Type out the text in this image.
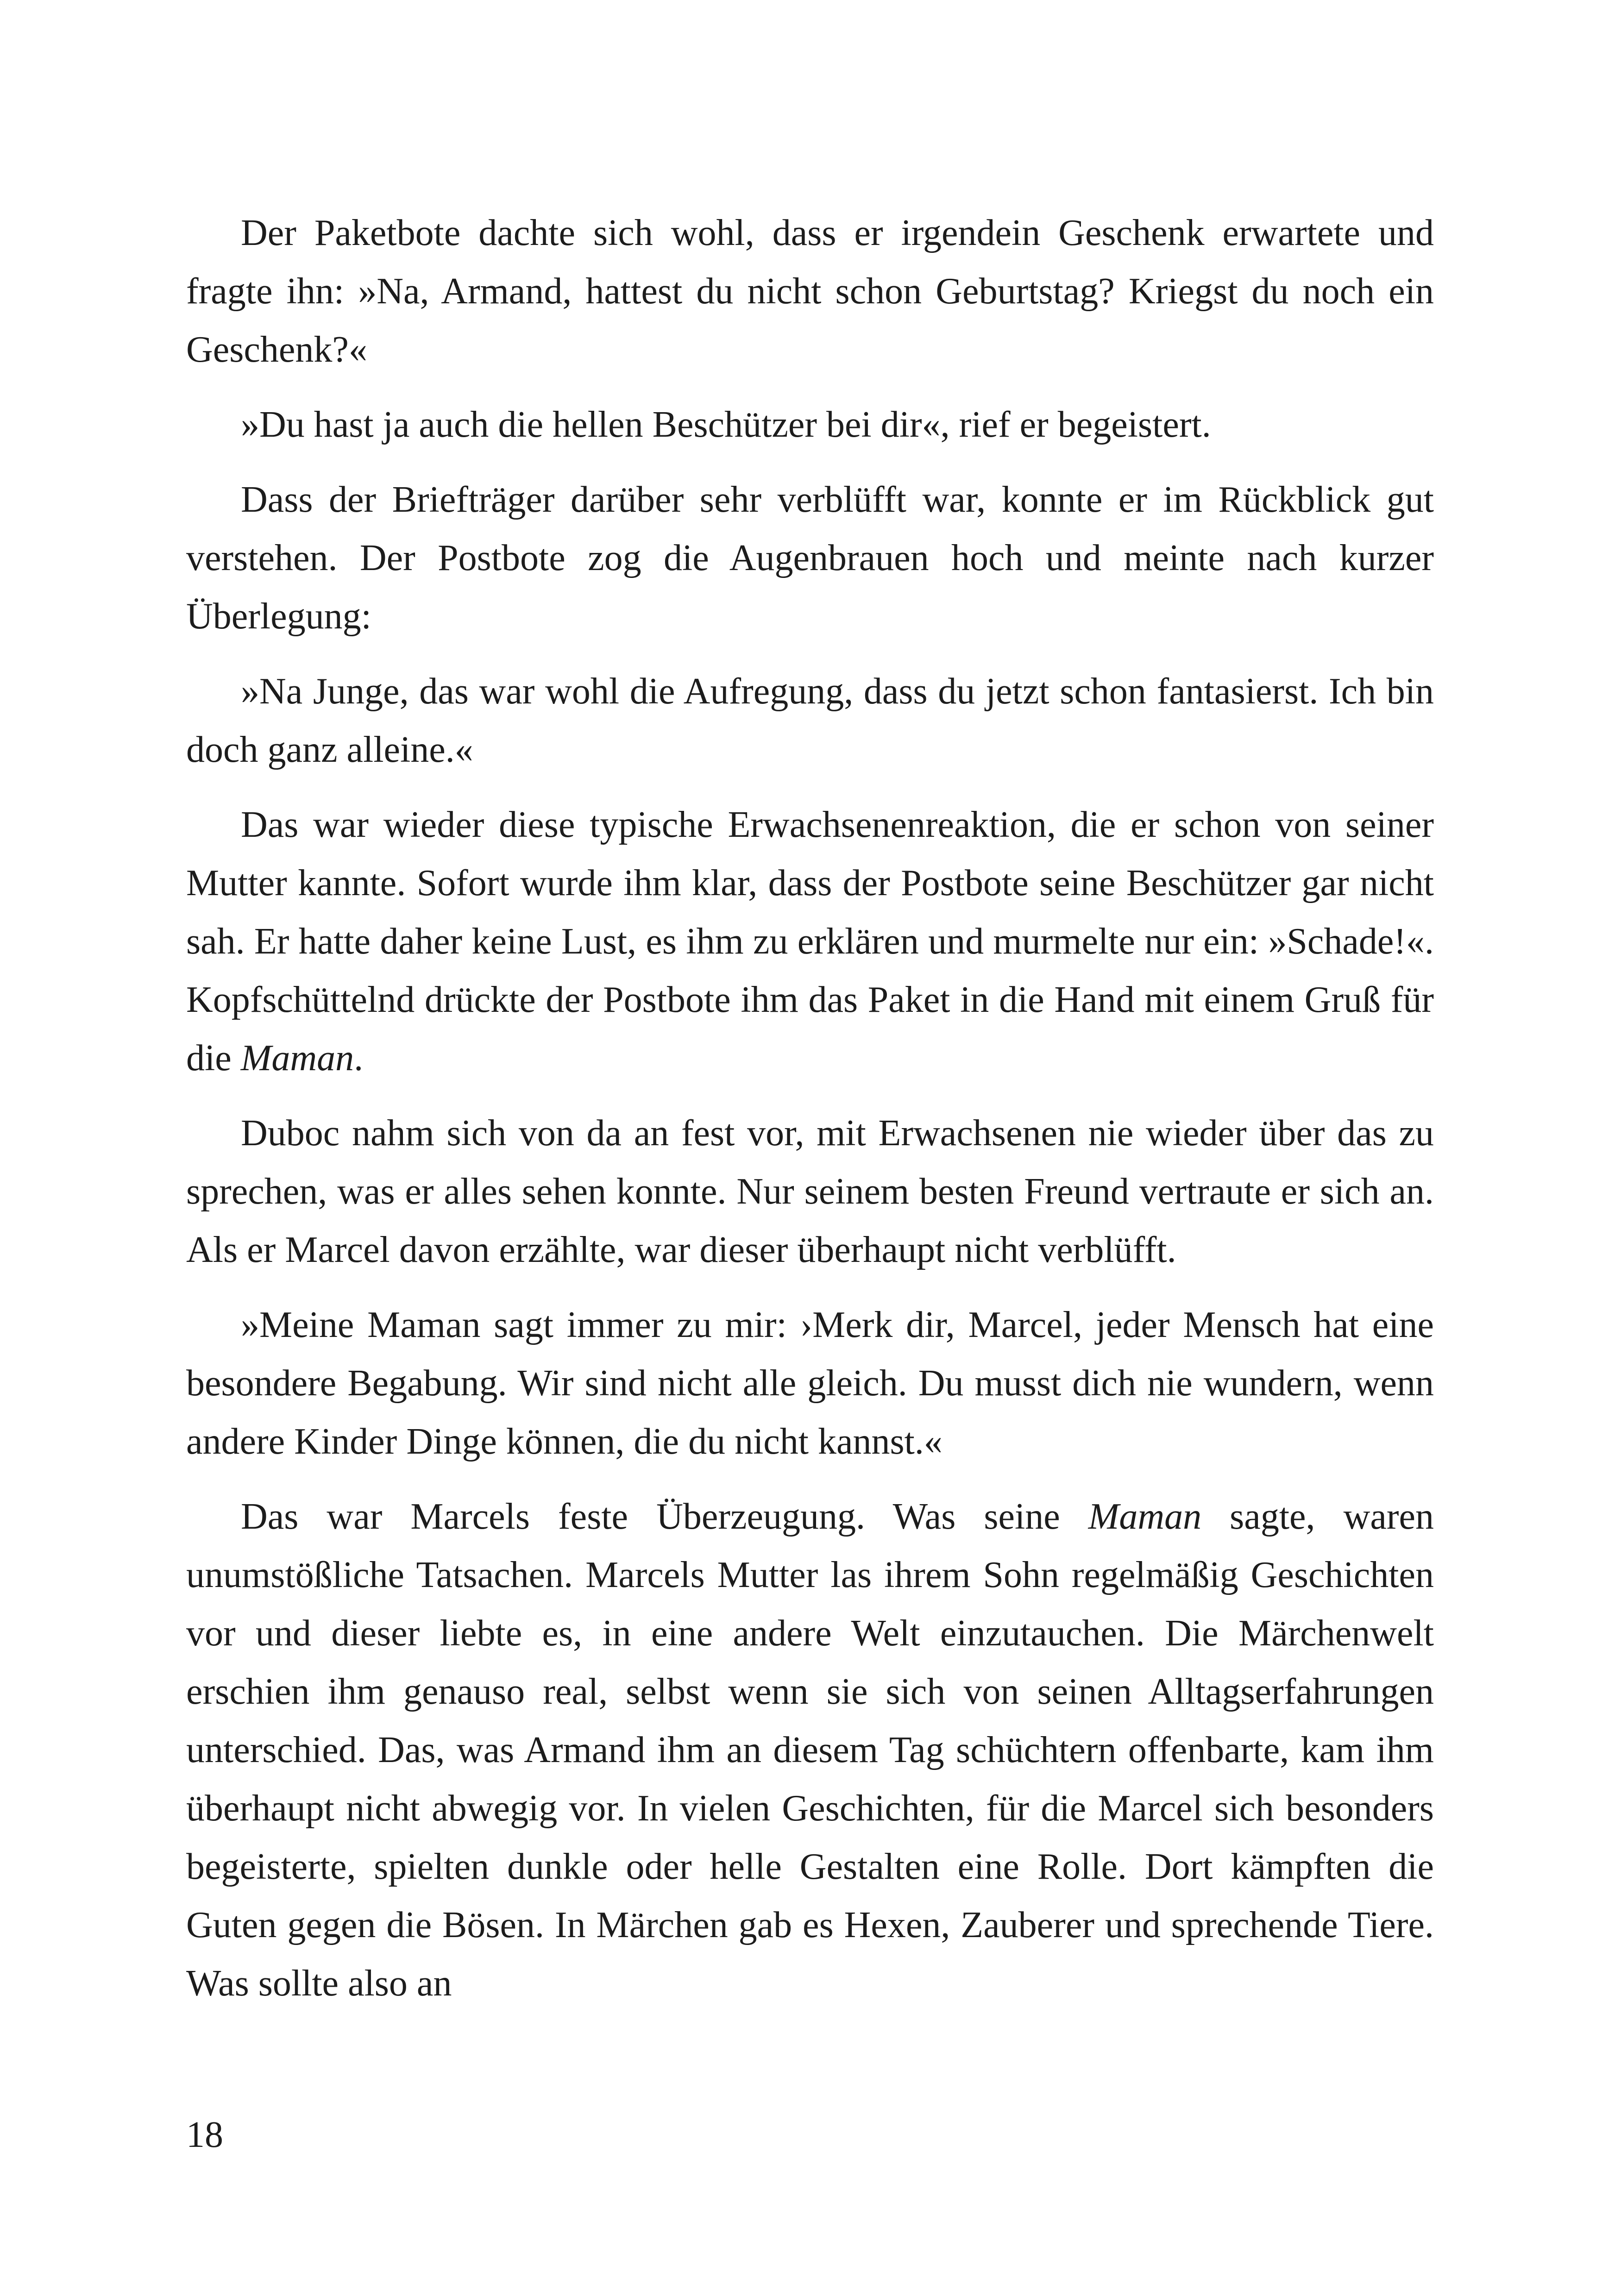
Der Paketbote dachte sich wohl, dass er irgendein Geschenk erwartete und fragte ihn: »Na, Armand, hattest du nicht schon Geburtstag? Kriegst du noch ein Geschenk?«

»Du hast ja auch die hellen Beschützer bei dir«, rief er begeistert.

Dass der Briefträger darüber sehr verblüfft war, konnte er im Rückblick gut verstehen. Der Postbote zog die Augenbrauen hoch und meinte nach kurzer Überlegung:

»Na Junge, das war wohl die Aufregung, dass du jetzt schon fantasierst. Ich bin doch ganz alleine.«

Das war wieder diese typische Erwachsenenreaktion, die er schon von seiner Mutter kannte. Sofort wurde ihm klar, dass der Postbote seine Beschützer gar nicht sah. Er hatte daher keine Lust, es ihm zu erklären und murmelte nur ein: »Schade!«. Kopfschüttelnd drückte der Postbote ihm das Paket in die Hand mit einem Gruß für die Maman.

Duboc nahm sich von da an fest vor, mit Erwachsenen nie wieder über das zu sprechen, was er alles sehen konnte. Nur seinem besten Freund vertraute er sich an. Als er Marcel davon erzählte, war dieser überhaupt nicht verblüfft.

»Meine Maman sagt immer zu mir: ›Merk dir, Marcel, jeder Mensch hat eine besondere Begabung. Wir sind nicht alle gleich. Du musst dich nie wundern, wenn andere Kinder Dinge können, die du nicht kannst.«

Das war Marcels feste Überzeugung. Was seine Maman sagte, waren unumstößliche Tatsachen. Marcels Mutter las ihrem Sohn regelmäßig Geschichten vor und dieser liebte es, in eine andere Welt einzutauchen. Die Märchenwelt erschien ihm genauso real, selbst wenn sie sich von seinen Alltagserfahrungen unterschied. Das, was Armand ihm an diesem Tag schüchtern offenbarte, kam ihm überhaupt nicht abwegig vor. In vielen Geschichten, für die Marcel sich besonders begeisterte, spielten dunkle oder helle Gestalten eine Rolle. Dort kämpften die Guten gegen die Bösen. In Märchen gab es Hexen, Zauberer und sprechende Tiere. Was sollte also an

18
